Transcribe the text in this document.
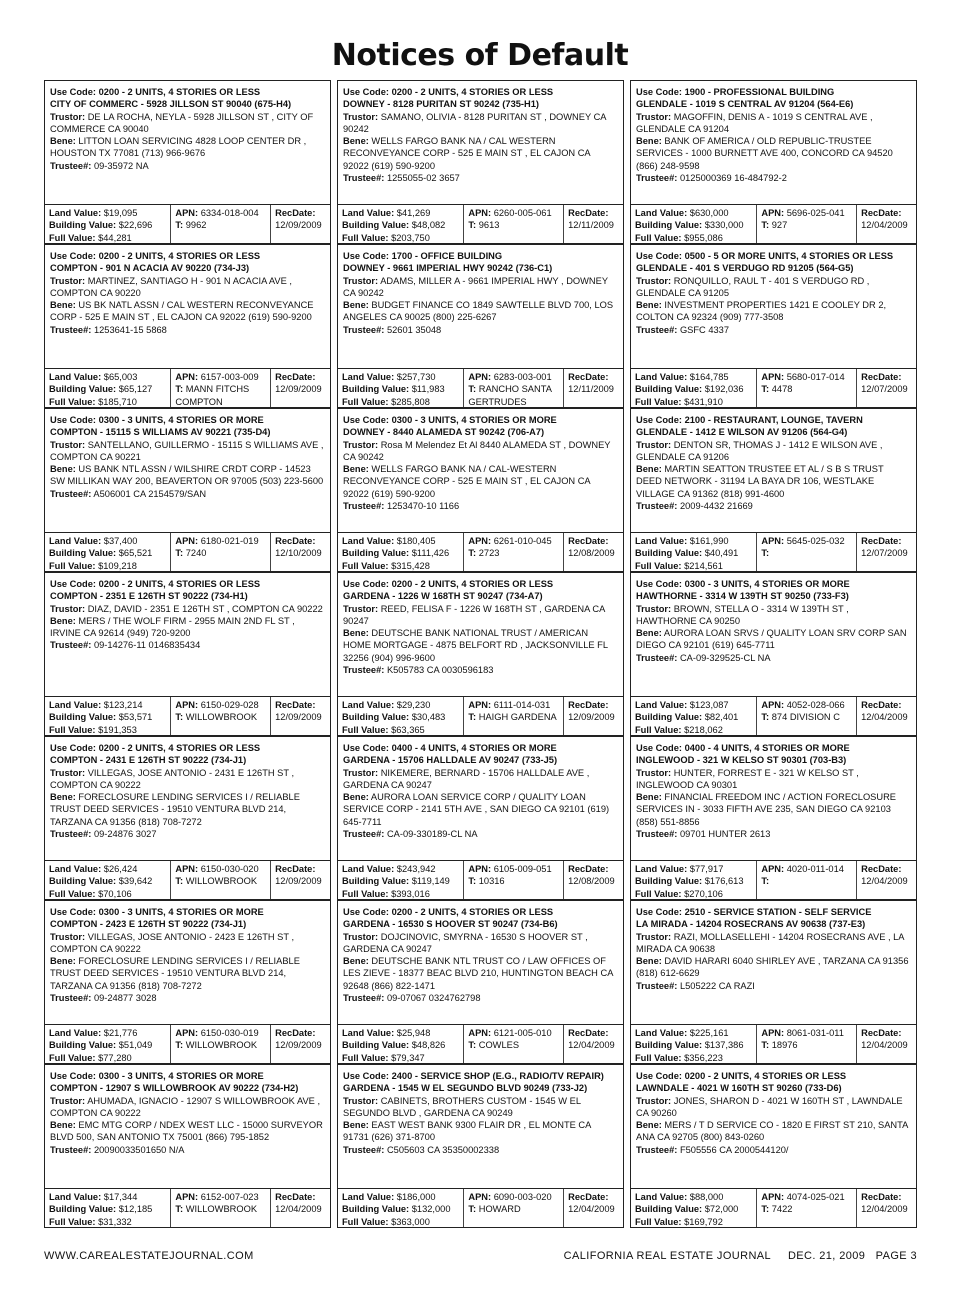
Notices of Default
Use Code: 0200 - 2 UNITS, 4 STORIES OR LESS
CITY OF COMMERC - 5928 JILLSON ST 90040 (675-H4)
Trustor: DE LA ROCHA, NEYLA - 5928 JILLSON ST , CITY OF COMMERCE CA 90040
Bene: LITTON LOAN SERVICING 4828 LOOP CENTER DR , HOUSTON TX 77081 (713) 966-9676
Trustee#: 09-35972 NA
Land Value: $19,095
Building Value: $22,696
Full Value: $44,281
APN: 6334-018-004
T: 9962
RecDate:
12/09/2009
Use Code: 0200 - 2 UNITS, 4 STORIES OR LESS
COMPTON - 901 N ACACIA AV 90220 (734-J3)
Trustor: MARTINEZ, SANTIAGO H - 901 N ACACIA AVE , COMPTON CA 90220
Bene: US BK NATL ASSN / CAL WESTERN RECONVEYANCE CORP - 525 E MAIN ST , EL CAJON CA 92022 (619) 590-9200
Trustee#: 1253641-15 5868
Land Value: $65,003
Building Value: $65,127
Full Value: $185,710
APN: 6157-003-009
T: MANN FITCHS COMPTON
RecDate:
12/09/2009
Use Code: 0300 - 3 UNITS, 4 STORIES OR MORE
COMPTON - 15115 S WILLIAMS AV 90221 (735-D4)
Trustor: SANTELLANO, GUILLERMO - 15115 S WILLIAMS AVE , COMPTON CA 90221
Bene: US BANK NTL ASSN / WILSHIRE CRDT CORP - 14523 SW MILLIKAN WAY 200, BEAVERTON OR 97005 (503) 223-5600
Trustee#: A506001 CA 2154579/SAN
Land Value: $37,400
Building Value: $65,521
Full Value: $109,218
APN: 6180-021-019
T: 7240
RecDate:
12/10/2009
Use Code: 0200 - 2 UNITS, 4 STORIES OR LESS
COMPTON - 2351 E 126TH ST 90222 (734-H1)
Trustor: DIAZ, DAVID - 2351 E 126TH ST , COMPTON CA 90222
Bene: MERS / THE WOLF FIRM - 2955 MAIN 2ND FL ST , IRVINE CA 92614 (949) 720-9200
Trustee#: 09-14276-11 0146835434
Land Value: $123,214
Building Value: $53,571
Full Value: $191,353
APN: 6150-029-028
T: WILLOWBROOK
RecDate:
12/09/2009
Use Code: 0200 - 2 UNITS, 4 STORIES OR LESS
COMPTON - 2431 E 126TH ST 90222 (734-J1)
Trustor: VILLEGAS, JOSE ANTONIO - 2431 E 126TH ST , COMPTON CA 90222
Bene: FORECLOSURE LENDING SERVICES I / RELIABLE TRUST DEED SERVICES - 19510 VENTURA BLVD 214, TARZANA CA 91356 (818) 708-7272
Trustee#: 09-24876 3027
Land Value: $26,424
Building Value: $39,642
Full Value: $70,106
APN: 6150-030-020
T: WILLOWBROOK
RecDate:
12/09/2009
Use Code: 0300 - 3 UNITS, 4 STORIES OR MORE
COMPTON - 2423 E 126TH ST 90222 (734-J1)
Trustor: VILLEGAS, JOSE ANTONIO - 2423 E 126TH ST , COMPTON CA 90222
Bene: FORECLOSURE LENDING SERVICES I / RELIABLE TRUST DEED SERVICES - 19510 VENTURA BLVD 214, TARZANA CA 91356 (818) 708-7272
Trustee#: 09-24877 3028
Land Value: $21,776
Building Value: $51,049
Full Value: $77,280
APN: 6150-030-019
T: WILLOWBROOK
RecDate:
12/09/2009
Use Code: 0300 - 3 UNITS, 4 STORIES OR MORE
COMPTON - 12907 S WILLOWBROOK AV 90222 (734-H2)
Trustor: AHUMADA, IGNACIO - 12907 S WILLOWBROOK AVE , COMPTON CA 90222
Bene: EMC MTG CORP / NDEX WEST LLC - 15000 SURVEYOR BLVD 500, SAN ANTONIO TX 75001 (866) 795-1852
Trustee#: 20090033501650 N/A
Land Value: $17,344
Building Value: $12,185
Full Value: $31,332
APN: 6152-007-023
T: WILLOWBROOK
RecDate:
12/04/2009
Use Code: 0200 - 2 UNITS, 4 STORIES OR LESS
DOWNEY - 8128 PURITAN ST 90242 (735-H1)
Trustor: SAMANO, OLIVIA - 8128 PURITAN ST , DOWNEY CA 90242
Bene: WELLS FARGO BANK NA / CAL WESTERN RECONVEYANCE CORP - 525 E MAIN ST , EL CAJON CA 92022 (619) 590-9200
Trustee#: 1255055-02 3657
Land Value: $41,269
Building Value: $48,082
Full Value: $203,750
APN: 6260-005-061
T: 9613
RecDate:
12/11/2009
Use Code: 1700 - OFFICE BUILDING
DOWNEY - 9661 IMPERIAL HWY 90242 (736-C1)
Trustor: ADAMS, MILLER A - 9661 IMPERIAL HWY , DOWNEY CA 90242
Bene: BUDGET FINANCE CO 1849 SAWTELLE BLVD 700, LOS ANGELES CA 90025 (800) 225-6267
Trustee#: 52601 35048
Land Value: $257,730
Building Value: $11,983
Full Value: $285,808
APN: 6283-003-001
T: RANCHO SANTA GERTRUDES
RecDate:
12/11/2009
Use Code: 0300 - 3 UNITS, 4 STORIES OR MORE
DOWNEY - 8440 ALAMEDA ST 90242 (706-A7)
Trustor: Rosa M Melendez Et Al 8440 ALAMEDA ST , DOWNEY CA 90242
Bene: WELLS FARGO BANK NA / CAL-WESTERN RECONVEYANCE CORP - 525 E MAIN ST , EL CAJON CA 92022 (619) 590-9200
Trustee#: 1253470-10 1166
Land Value: $180,405
Building Value: $111,426
Full Value: $315,428
APN: 6261-010-045
T: 2723
RecDate:
12/08/2009
Use Code: 0200 - 2 UNITS, 4 STORIES OR LESS
GARDENA - 1226 W 168TH ST 90247 (734-A7)
Trustor: REED, FELISA F - 1226 W 168TH ST , GARDENA CA 90247
Bene: DEUTSCHE BANK NATIONAL TRUST / AMERICAN HOME MORTGAGE - 4875 BELFORT RD , JACKSONVILLE FL 32256 (904) 996-9600
Trustee#: K505783 CA 0030596183
Land Value: $29,230
Building Value: $30,483
Full Value: $63,365
APN: 6111-014-031
T: HAIGH GARDENA
RecDate:
12/09/2009
Use Code: 0400 - 4 UNITS, 4 STORIES OR MORE
GARDENA - 15706 HALLDALE AV 90247 (733-J5)
Trustor: NIKEMERE, BERNARD - 15706 HALLDALE AVE , GARDENA CA 90247
Bene: AURORA LOAN SERVICE CORP / QUALITY LOAN SERVICE CORP - 2141 5TH AVE , SAN DIEGO CA 92101 (619) 645-7711
Trustee#: CA-09-330189-CL NA
Land Value: $243,942
Building Value: $119,149
Full Value: $393,016
APN: 6105-009-051
T: 10316
RecDate:
12/08/2009
Use Code: 0200 - 2 UNITS, 4 STORIES OR LESS
GARDENA - 16530 S HOOVER ST 90247 (734-B6)
Trustor: DOJCINOVIC, SMYRNA - 16530 S HOOVER ST , GARDENA CA 90247
Bene: DEUTSCHE BANK NTL TRUST CO / LAW OFFICES OF LES ZIEVE - 18377 BEAC BLVD 210, HUNTINGTON BEACH CA 92648 (866) 822-1471
Trustee#: 09-07067 0324762798
Land Value: $25,948
Building Value: $48,826
Full Value: $79,347
APN: 6121-005-010
T: COWLES
RecDate:
12/04/2009
Use Code: 2400 - SERVICE SHOP (E.G., RADIO/TV REPAIR)
GARDENA - 1545 W EL SEGUNDO BLVD 90249 (733-J2)
Trustor: CABINETS, BROTHERS CUSTOM - 1545 W EL SEGUNDO BLVD , GARDENA CA 90249
Bene: EAST WEST BANK 9300 FLAIR DR , EL MONTE CA 91731 (626) 371-8700
Trustee#: C505603 CA 35350002338
Land Value: $186,000
Building Value: $132,000
Full Value: $363,000
APN: 6090-003-020
T: HOWARD
RecDate:
12/04/2009
Use Code: 1900 - PROFESSIONAL BUILDING
GLENDALE - 1019 S CENTRAL AV 91204 (564-E6)
Trustor: MAGOFFIN, DENIS A - 1019 S CENTRAL AVE , GLENDALE CA 91204
Bene: BANK OF AMERICA / OLD REPUBLIC-TRUSTEE SERVICES - 1000 BURNETT AVE 400, CONCORD CA 94520 (866) 248-9598
Trustee#: 0125000369 16-484792-2
Land Value: $630,000
Building Value: $330,000
Full Value: $955,086
APN: 5696-025-041
T: 927
RecDate:
12/04/2009
Use Code: 0500 - 5 OR MORE UNITS, 4 STORIES OR LESS
GLENDALE - 401 S VERDUGO RD 91205 (564-G5)
Trustor: RONQUILLO, RAUL T - 401 S VERDUGO RD , GLENDALE CA 91205
Bene: INVESTMENT PROPERTIES 1421 E COOLEY DR 2, COLTON CA 92324 (909) 777-3508
Trustee#: GSFC 4337
Land Value: $164,785
Building Value: $192,036
Full Value: $431,910
APN: 5680-017-014
T: 4478
RecDate:
12/07/2009
Use Code: 2100 - RESTAURANT, LOUNGE, TAVERN
GLENDALE - 1412 E WILSON AV 91206 (564-G4)
Trustor: DENTON SR, THOMAS J - 1412 E WILSON AVE , GLENDALE CA 91206
Bene: MARTIN SEATTON TRUSTEE ET AL / S B S TRUST DEED NETWORK - 31194 LA BAYA DR 106, WESTLAKE VILLAGE CA 91362 (818) 991-4600
Trustee#: 2009-4432 21669
Land Value: $161,990
Building Value: $40,491
Full Value: $214,561
APN: 5645-025-032
T:
RecDate:
12/07/2009
Use Code: 0300 - 3 UNITS, 4 STORIES OR MORE
HAWTHORNE - 3314 W 139TH ST 90250 (733-F3)
Trustor: BROWN, STELLA O - 3314 W 139TH ST , HAWTHORNE CA 90250
Bene: AURORA LOAN SRVS / QUALITY LOAN SRV CORP SAN DIEGO CA 92101 (619) 645-7711
Trustee#: CA-09-329525-CL NA
Land Value: $123,087
Building Value: $82,401
Full Value: $218,062
APN: 4052-028-066
T: 874 DIVISION C
RecDate:
12/04/2009
Use Code: 0400 - 4 UNITS, 4 STORIES OR MORE
INGLEWOOD - 321 W KELSO ST 90301 (703-B3)
Trustor: HUNTER, FORREST E - 321 W KELSO ST , INGLEWOOD CA 90301
Bene: FINANCIAL FREEDOM INC / ACTION FORECLOSURE SERVICES IN - 3033 FIFTH AVE 235, SAN DIEGO CA 92103 (858) 551-8856
Trustee#: 09701 HUNTER 2613
Land Value: $77,917
Building Value: $176,613
Full Value: $270,106
APN: 4020-011-014
T:
RecDate:
12/04/2009
Use Code: 2510 - SERVICE STATION - SELF SERVICE
LA MIRADA - 14204 ROSECRANS AV 90638 (737-E3)
Trustor: RAZI, MOLLASELLEHI - 14204 ROSECRANS AVE , LA MIRADA CA 90638
Bene: DAVID HARARI 6040 SHIRLEY AVE , TARZANA CA 91356 (818) 612-6629
Trustee#: L505222 CA RAZI
Land Value: $225,161
Building Value: $137,386
Full Value: $356,223
APN: 8061-031-011
T: 18976
RecDate:
12/04/2009
Use Code: 0200 - 2 UNITS, 4 STORIES OR LESS
LAWNDALE - 4021 W 160TH ST 90260 (733-D6)
Trustor: JONES, SHARON D - 4021 W 160TH ST , LAWNDALE CA 90260
Bene: MERS / T D SERVICE CO - 1820 E FIRST ST 210, SANTA ANA CA 92705 (800) 843-0260
Trustee#: F505556 CA 2000544120/
Land Value: $88,000
Building Value: $72,000
Full Value: $169,792
APN: 4074-025-021
T: 7422
RecDate:
12/04/2009
WWW.CAREALESTATEJOURNAL.COM	CALIFORNIA REAL ESTATE JOURNAL     DEC. 21, 2009   PAGE 3
